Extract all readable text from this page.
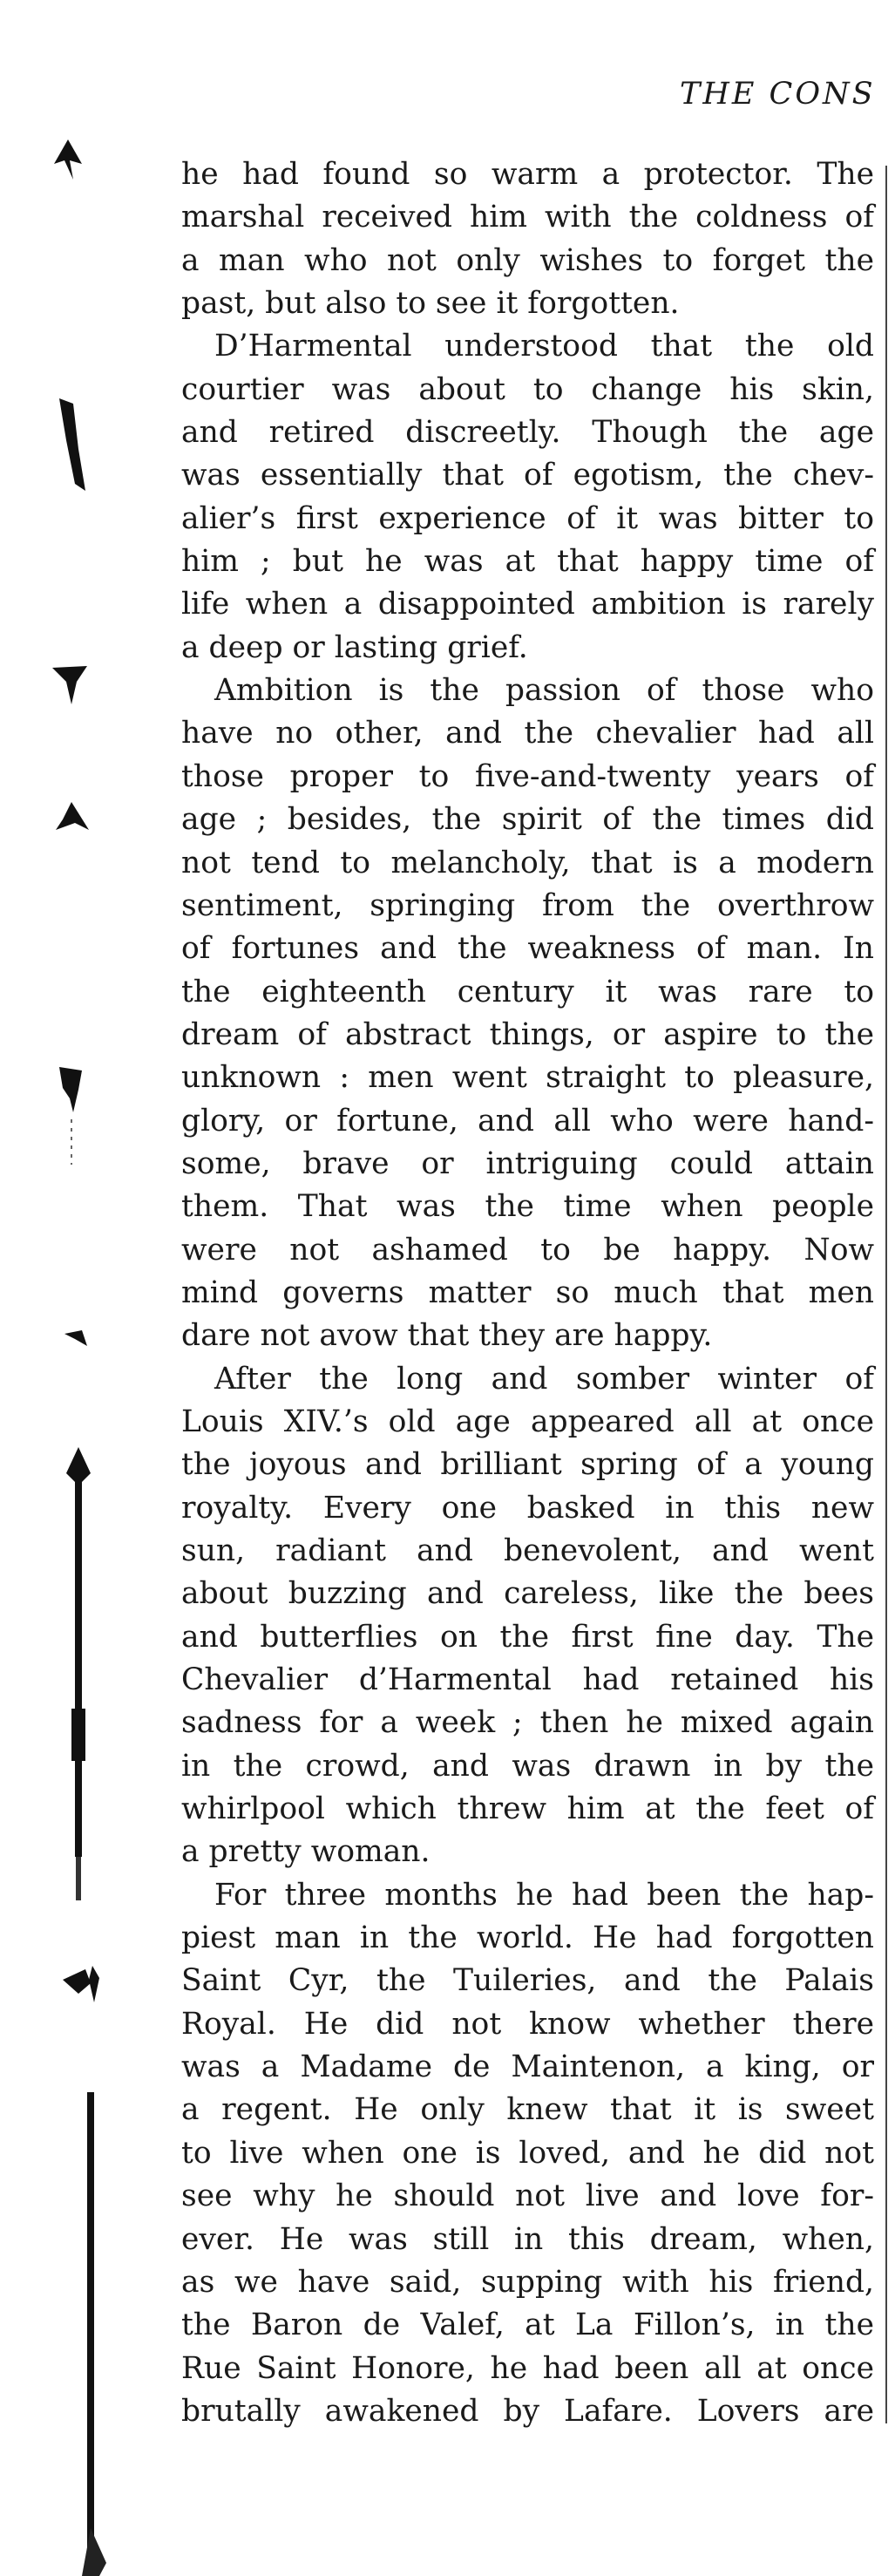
THE CONS
he had found so warm a protector. The
marshal received him with the coldness of
a man who not only wishes to forget the
past, but also to see it forgotten.
D’Harmental understood that the old
courtier was about to change his skin,
and retired discreetly. Though the age
was essentially that of egotism, the chev-
alier’s first experience of it was bitter to
him ; but he was at that happy time of
life when a disappointed ambition is rarely
a deep or lasting grief.
Ambition is the passion of those who
have no other, and the chevalier had all
those proper to five-and-twenty years of
age ; besides, the spirit of the times did
not tend to melancholy, that is a modern
sentiment, springing from the overthrow
of fortunes and the weakness of man. In
the eighteenth century it was rare to
dream of abstract things, or aspire to the
unknown : men went straight to pleasure,
glory, or fortune, and all who were hand-
some, brave or intriguing could attain
them. That was the time when people
were not ashamed to be happy. Now
mind governs matter so much that men
dare not avow that they are happy.
After the long and somber winter of
Louis XIV.’s old age appeared all at once
the joyous and brilliant spring of a young
royalty. Every one basked in this new
sun, radiant and benevolent, and went
about buzzing and careless, like the bees
and butterflies on the first fine day. The
Chevalier d’Harmental had retained his
sadness for a week ; then he mixed again
in the crowd, and was drawn in by the
whirlpool which threw him at the feet of
a pretty woman.
For three months he had been the hap-
piest man in the world. He had forgotten
Saint Cyr, the Tuileries, and the Palais
Royal. He did not know whether there
was a Madame de Maintenon, a king, or
a regent. He only knew that it is sweet
to live when one is loved, and he did not
see why he should not live and love for-
ever. He was still in this dream, when,
as we have said, supping with his friend,
the Baron de Valef, at La Fillon’s, in the
Rue Saint Honore, he had been all at once
brutally awakened by Lafare. Lovers are
